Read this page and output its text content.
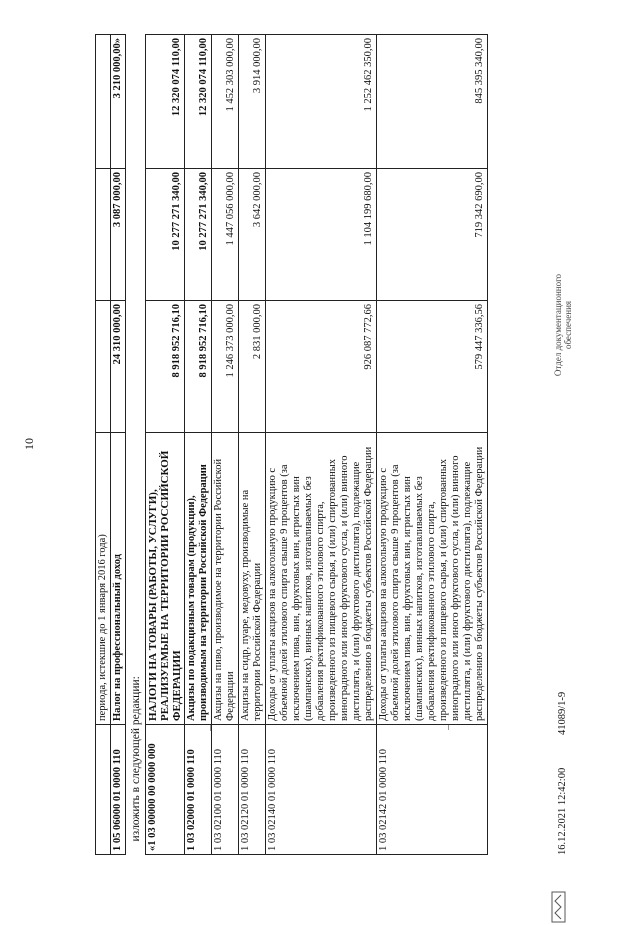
10
	периода, истекшие до 1 января 2016 года)			
1 05 06000 01 0000 110	Налог на профессиональный доход	24 310 000,00	3 087 000,00	3 210 000,00»

изложить в следующей редакции:				

«1 03 00000 00 0000 000	НАЛОГИ НА ТОВАРЫ (РАБОТЫ, УСЛУГИ), РЕАЛИЗУЕМЫЕ НА ТЕРРИТОРИИ РОССИЙСКОЙ ФЕДЕРАЦИИ	8 918 952 716,10	10 277 271 340,00	12 320 074 110,00
1 03 02000 01 0000 110	Акцизы по подакцизным товарам (продукции), производимым на территории Российской Федерации	8 918 952 716,10	10 277 271 340,00	12 320 074 110,00
1 03 02100 01 0000 110	Акцизы на пиво, производимое на территории Российской Федерации	1 246 373 000,00	1 447 056 000,00	1 452 303 000,00
1 03 02120 01 0000 110	Акцизы на сидр, пуаре, медовуху, производимые на территории Российской Федерации	2 831 000,00	3 642 000,00	3 914 000,00
1 03 02140 01 0000 110	Доходы от уплаты акцизов на алкогольную продукцию с объемной долей этилового спирта свыше 9 процентов (за исключением пива, вин, фруктовых вин, игристых вин (шампанских), винных напитков, изготавливаемых без добавления ректификованного этилового спирта, произведенного из пищевого сырья, и (или) спиртованных виноградного или иного фруктового сусла, и (или) винного дистиллята, и (или) фруктового дистиллята), подлежащие распределению в бюджеты субъектов Российской Федерации	926 087 772,66	1 104 199 680,00	1 252 462 350,00
1 03 02142 01 0000 110	Доходы от уплаты акцизов на алкогольную продукцию с объемной долей этилового спирта свыше 9 процентов (за исключением пива, вин, фруктовых вин, игристых вин (шампанских), винных напитков, изготавливаемых без добавления ректификованного этилового спирта, произведенного из пищевого сырья, и (или) спиртованных виноградного или иного фруктового сусла, и (или) винного дистиллята, и (или) фруктового дистиллята), подлежащие распределению в бюджеты субъектов Российской Федерации	579 447 336,56	719 342 690,00	845 395 340,00
16.12.2021 12:42:00
41089/1-9
Отдел документационного обеспечения
